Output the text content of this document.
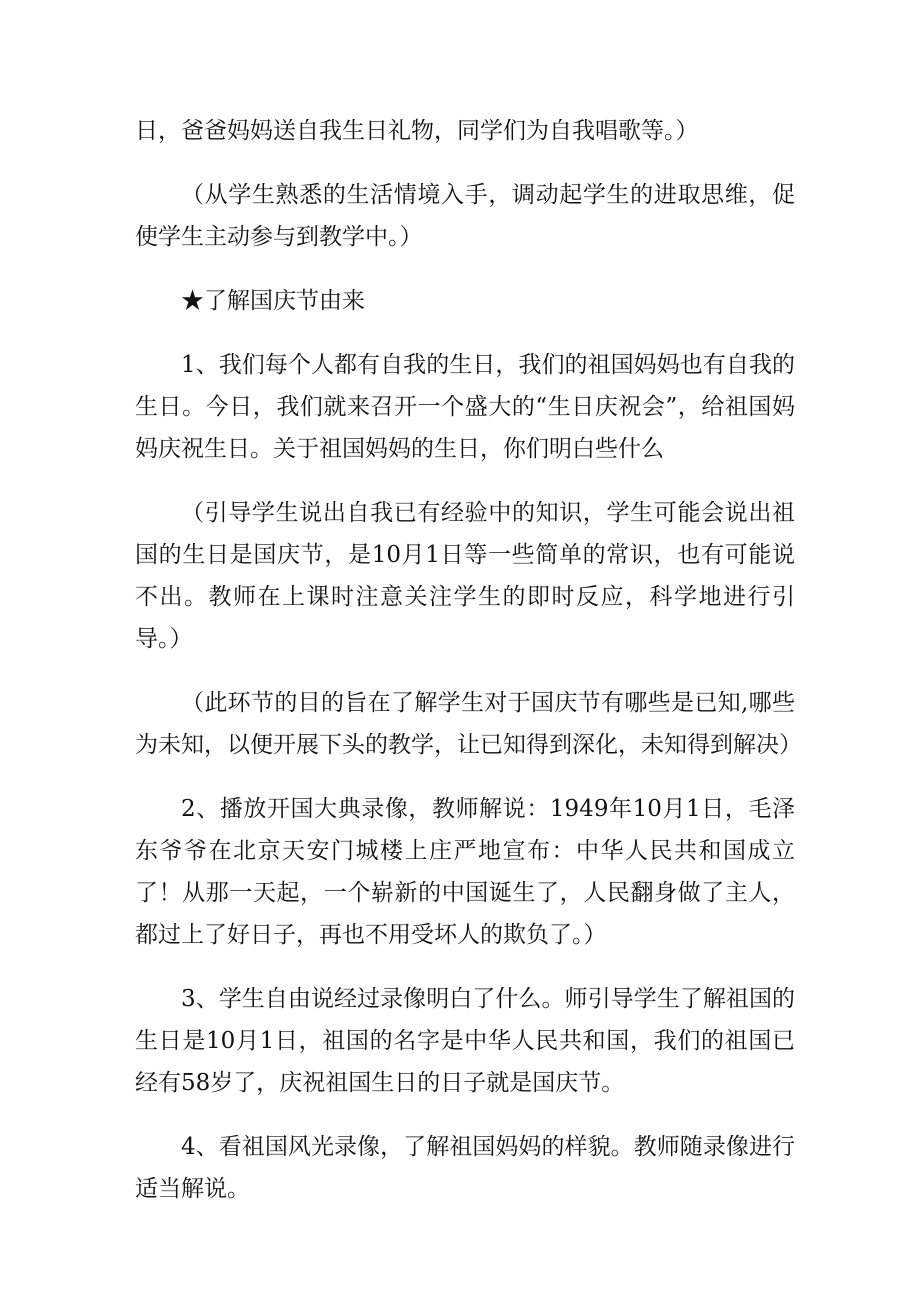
日，爸爸妈妈送自我生日礼物，同学们为自我唱歌等。）

（从学生熟悉的生活情境入手，调动起学生的进取思维，促使学生主动参与到教学中。）

★了解国庆节由来

1、我们每个人都有自我的生日，我们的祖国妈妈也有自我的生日。今日，我们就来召开一个盛大的“生日庆祝会”，给祖国妈妈庆祝生日。关于祖国妈妈的生日，你们明白些什么

（引导学生说出自我已有经验中的知识，学生可能会说出祖国的生日是国庆节，是10月1日等一些简单的常识，也有可能说不出。教师在上课时注意关注学生的即时反应，科学地进行引导。）

（此环节的目的旨在了解学生对于国庆节有哪些是已知,哪些为未知，以便开展下头的教学，让已知得到深化，未知得到解决）

2、播放开国大典录像，教师解说：1949年10月1日，毛泽东爷爷在北京天安门城楼上庄严地宣布：中华人民共和国成立了！从那一天起，一个崭新的中国诞生了，人民翻身做了主人，都过上了好日子，再也不用受坏人的欺负了。）

3、学生自由说经过录像明白了什么。师引导学生了解祖国的生日是10月1日，祖国的名字是中华人民共和国，我们的祖国已经有58岁了，庆祝祖国生日的日子就是国庆节。

4、看祖国风光录像，了解祖国妈妈的样貌。教师随录像进行适当解说。
